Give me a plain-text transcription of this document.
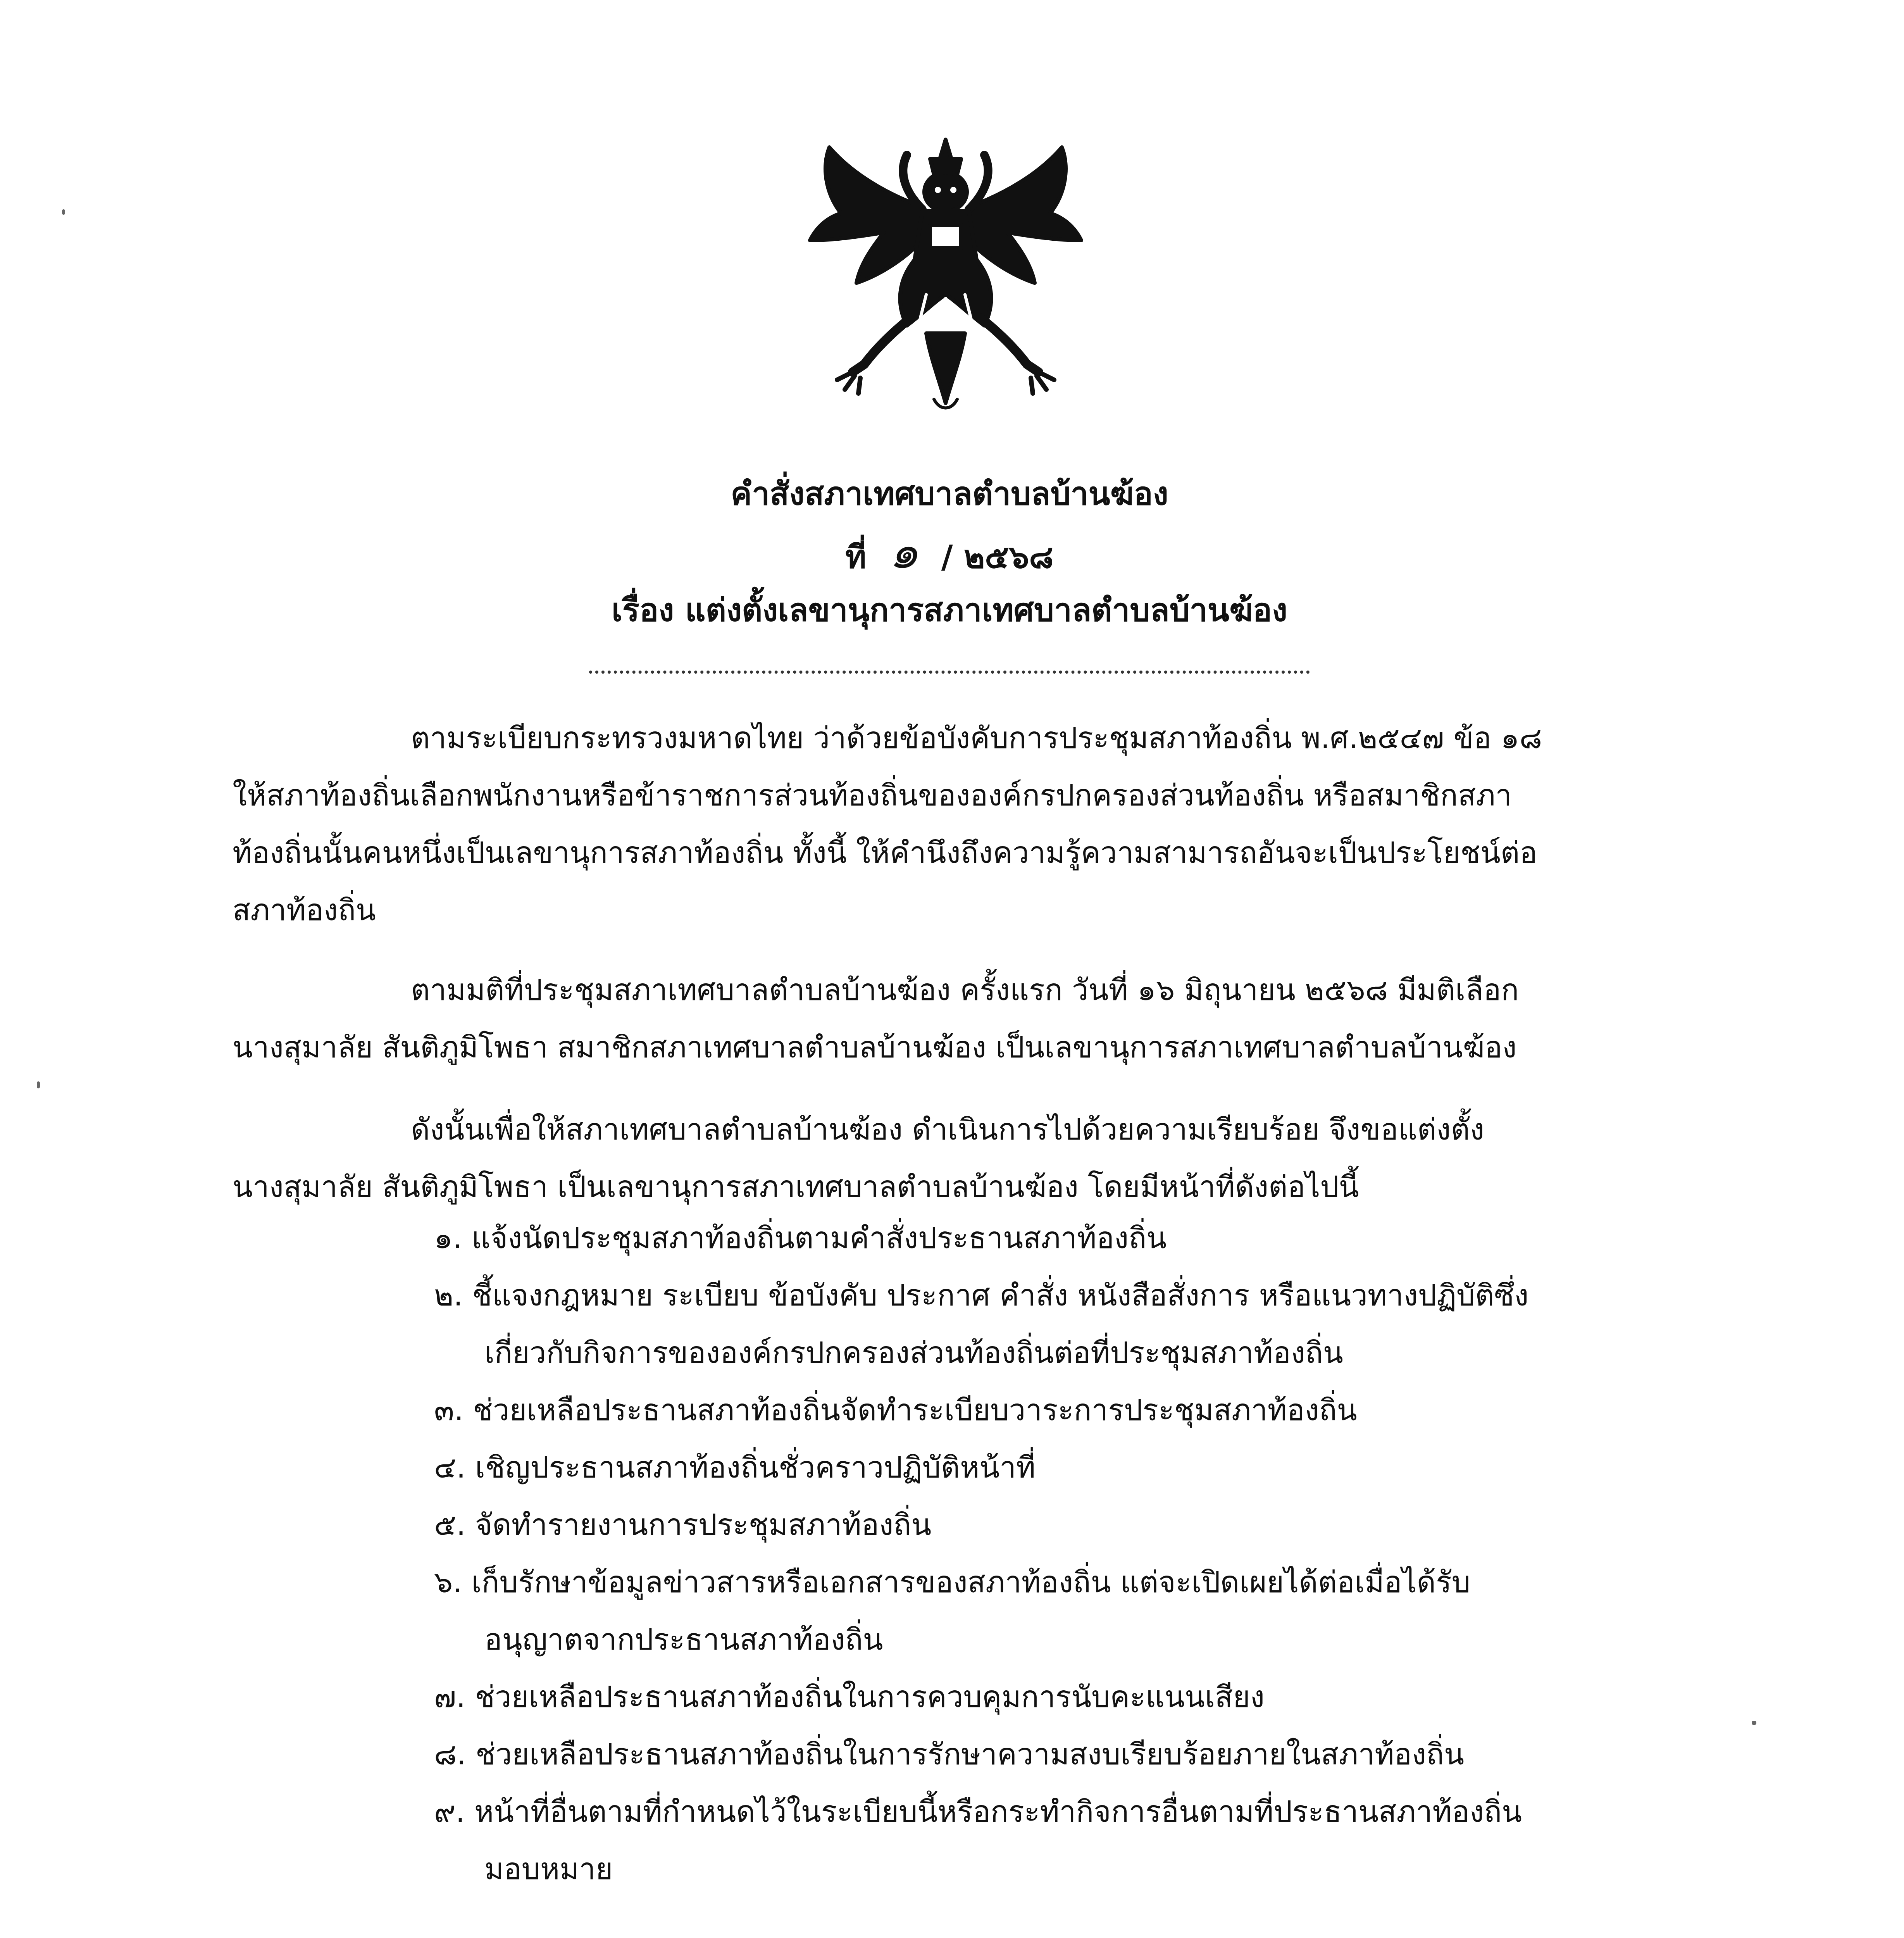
คำสั่งสภาเทศบาลตำบลบ้านฆ้อง
ที่ ๑ / ๒๕๖๘
เรื่อง แต่งตั้งเลขานุการสภาเทศบาลตำบลบ้านฆ้อง
ตามระเบียบกระทรวงมหาดไทย ว่าด้วยข้อบังคับการประชุมสภาท้องถิ่น พ.ศ.๒๕๔๗ ข้อ ๑๘
ให้สภาท้องถิ่นเลือกพนักงานหรือข้าราชการส่วนท้องถิ่นขององค์กรปกครองส่วนท้องถิ่น หรือสมาชิกสภา
ท้องถิ่นนั้นคนหนึ่งเป็นเลขานุการสภาท้องถิ่น ทั้งนี้ ให้คำนึงถึงความรู้ความสามารถอันจะเป็นประโยชน์ต่อ
สภาท้องถิ่น
ตามมติที่ประชุมสภาเทศบาลตำบลบ้านฆ้อง ครั้งแรก วันที่ ๑๖ มิถุนายน ๒๕๖๘ มีมติเลือก
นางสุมาลัย สันติภูมิโพธา สมาชิกสภาเทศบาลตำบลบ้านฆ้อง เป็นเลขานุการสภาเทศบาลตำบลบ้านฆ้อง
ดังนั้นเพื่อให้สภาเทศบาลตำบลบ้านฆ้อง ดำเนินการไปด้วยความเรียบร้อย จึงขอแต่งตั้ง
นางสุมาลัย สันติภูมิโพธา เป็นเลขานุการสภาเทศบาลตำบลบ้านฆ้อง โดยมีหน้าที่ดังต่อไปนี้
๑. แจ้งนัดประชุมสภาท้องถิ่นตามคำสั่งประธานสภาท้องถิ่น
๒. ชี้แจงกฎหมาย ระเบียบ ข้อบังคับ ประกาศ คำสั่ง หนังสือสั่งการ หรือแนวทางปฏิบัติซึ่ง
เกี่ยวกับกิจการขององค์กรปกครองส่วนท้องถิ่นต่อที่ประชุมสภาท้องถิ่น
๓. ช่วยเหลือประธานสภาท้องถิ่นจัดทำระเบียบวาระการประชุมสภาท้องถิ่น
๔. เชิญประธานสภาท้องถิ่นชั่วคราวปฏิบัติหน้าที่
๕. จัดทำรายงานการประชุมสภาท้องถิ่น
๖. เก็บรักษาข้อมูลข่าวสารหรือเอกสารของสภาท้องถิ่น แต่จะเปิดเผยได้ต่อเมื่อได้รับ
อนุญาตจากประธานสภาท้องถิ่น
๗. ช่วยเหลือประธานสภาท้องถิ่นในการควบคุมการนับคะแนนเสียง
๘. ช่วยเหลือประธานสภาท้องถิ่นในการรักษาความสงบเรียบร้อยภายในสภาท้องถิ่น
๙. หน้าที่อื่นตามที่กำหนดไว้ในระเบียบนี้หรือกระทำกิจการอื่นตามที่ประธานสภาท้องถิ่น
มอบหมาย
